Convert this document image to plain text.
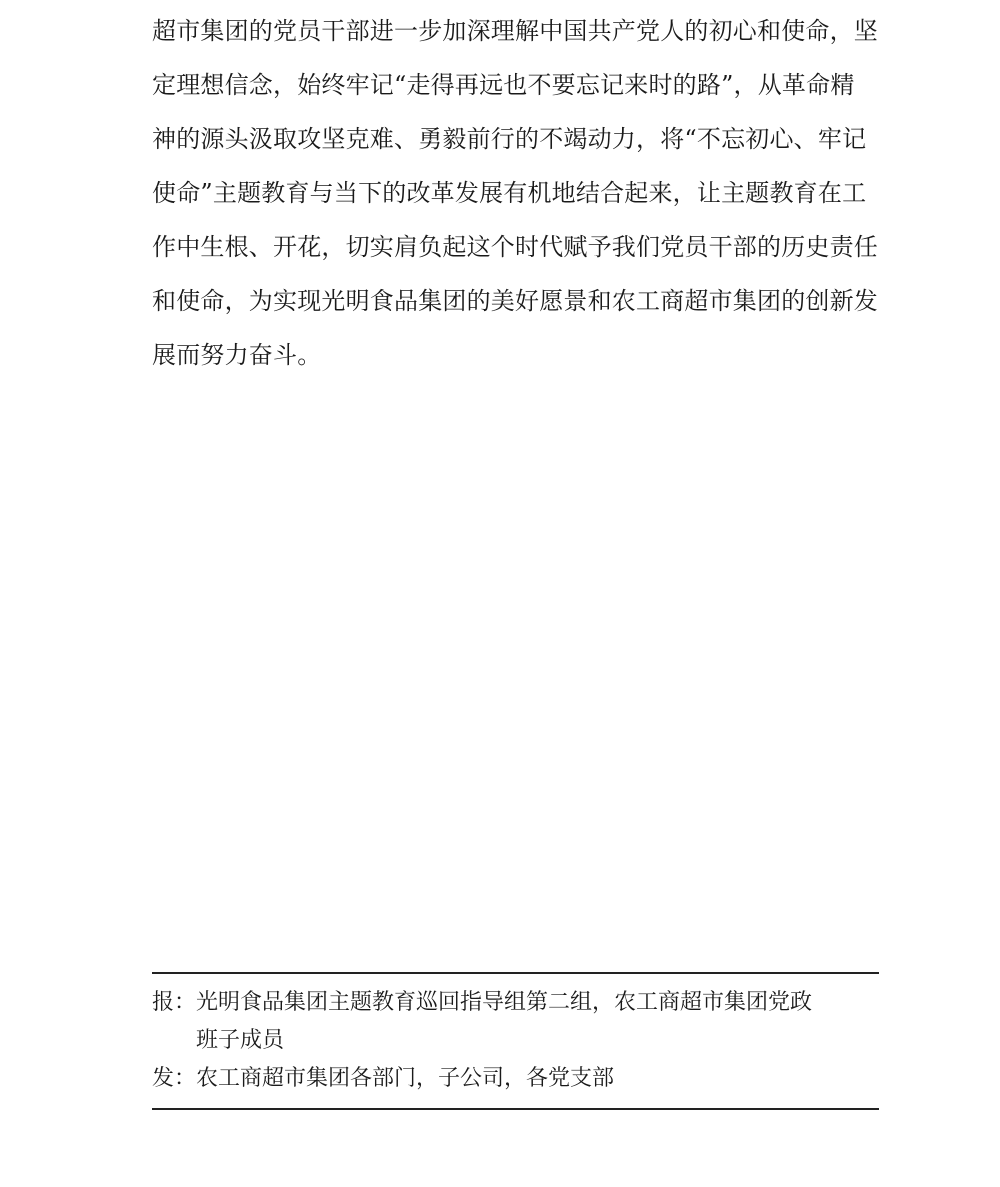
超市集团的党员干部进一步加深理解中国共产党人的初心和使命，坚
定理想信念，始终牢记“走得再远也不要忘记来时的路”，从革命精
神的源头汲取攻坚克难、勇毅前行的不竭动力，将“不忘初心、牢记
使命”主题教育与当下的改革发展有机地结合起来，让主题教育在工
作中生根、开花，切实肩负起这个时代赋予我们党员干部的历史责任
和使命，为实现光明食品集团的美好愿景和农工商超市集团的创新发
展而努力奋斗。
报：光明食品集团主题教育巡回指导组第二组，农工商超市集团党政
班子成员
发：农工商超市集团各部门，子公司，各党支部
